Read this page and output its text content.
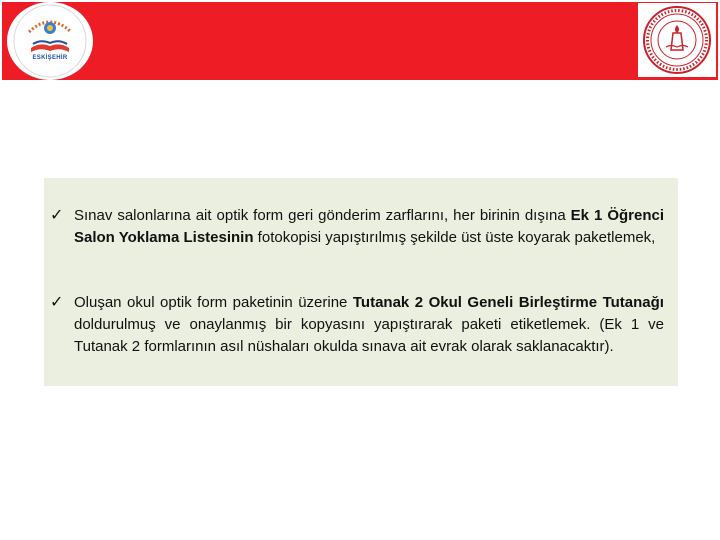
ESKİŞEHİR
✓ Sınav salonlarına ait optik form geri gönderim zarflarını, her birinin dışına Ek 1 Öğrenci Salon Yoklama Listesinin fotokopisi yapıştırılmış şekilde üst üste koyarak paketlemek,
✓ Oluşan okul optik form paketinin üzerine Tutanak 2 Okul Geneli Birleştirme Tutanağı doldurulmuş ve onaylanmış bir kopyasını yapıştırarak paketi etiketlemek. (Ek 1 ve Tutanak 2 formlarının asıl nüshaları okulda sınava ait evrak olarak saklanacaktır).
